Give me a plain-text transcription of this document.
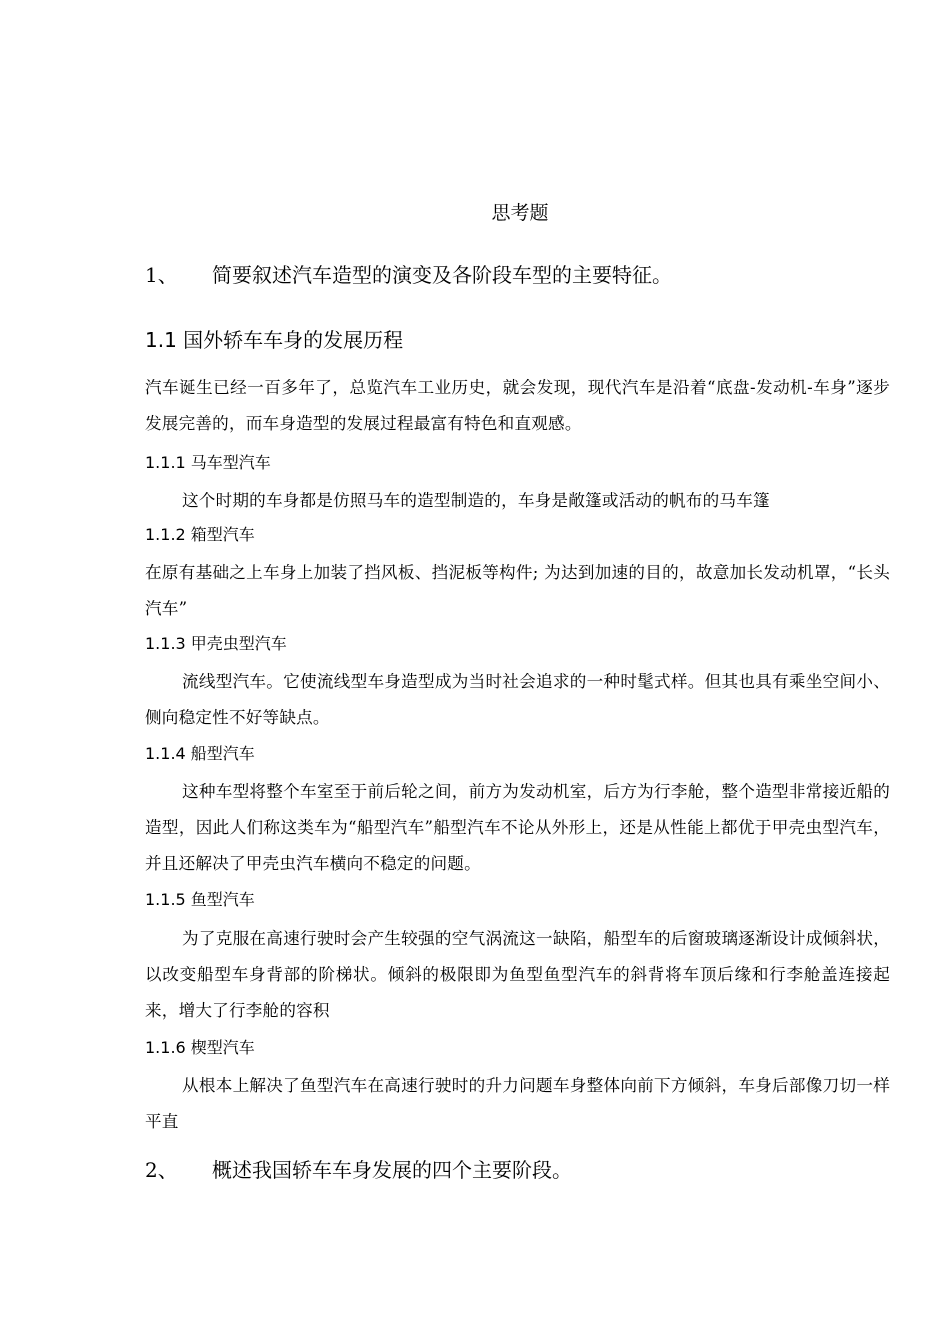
思考题
1、 简要叙述汽车造型的演变及各阶段车型的主要特征。
1.1 国外轿车车身的发展历程

汽车诞生已经一百多年了，总览汽车工业历史，就会发现，现代汽车是沿着“底盘-发动机-车身”逐步发展完善的，而车身造型的发展过程最富有特色和直观感。

1.1.1 马车型汽车

这个时期的车身都是仿照马车的造型制造的，车身是敞篷或活动的帆布的马车篷

1.1.2 箱型汽车

在原有基础之上车身上加装了挡风板、挡泥板等构件; 为达到加速的目的，故意加长发动机罩，“长头汽车”

1.1.3 甲壳虫型汽车

流线型汽车。它使流线型车身造型成为当时社会追求的一种时髦式样。但其也具有乘坐空间小、侧向稳定性不好等缺点。

1.1.4 船型汽车

这种车型将整个车室至于前后轮之间，前方为发动机室，后方为行李舱，整个造型非常接近船的造型，因此人们称这类车为“船型汽车”船型汽车不论从外形上，还是从性能上都优于甲壳虫型汽车，并且还解决了甲壳虫汽车横向不稳定的问题。

1.1.5 鱼型汽车

为了克服在高速行驶时会产生较强的空气涡流这一缺陷，船型车的后窗玻璃逐渐设计成倾斜状，以改变船型车身背部的阶梯状。倾斜的极限即为鱼型鱼型汽车的斜背将车顶后缘和行李舱盖连接起来，增大了行李舱的容积

1.1.6 楔型汽车

从根本上解决了鱼型汽车在高速行驶时的升力问题车身整体向前下方倾斜，车身后部像刀切一样平直

2、 概述我国轿车车身发展的四个主要阶段。
